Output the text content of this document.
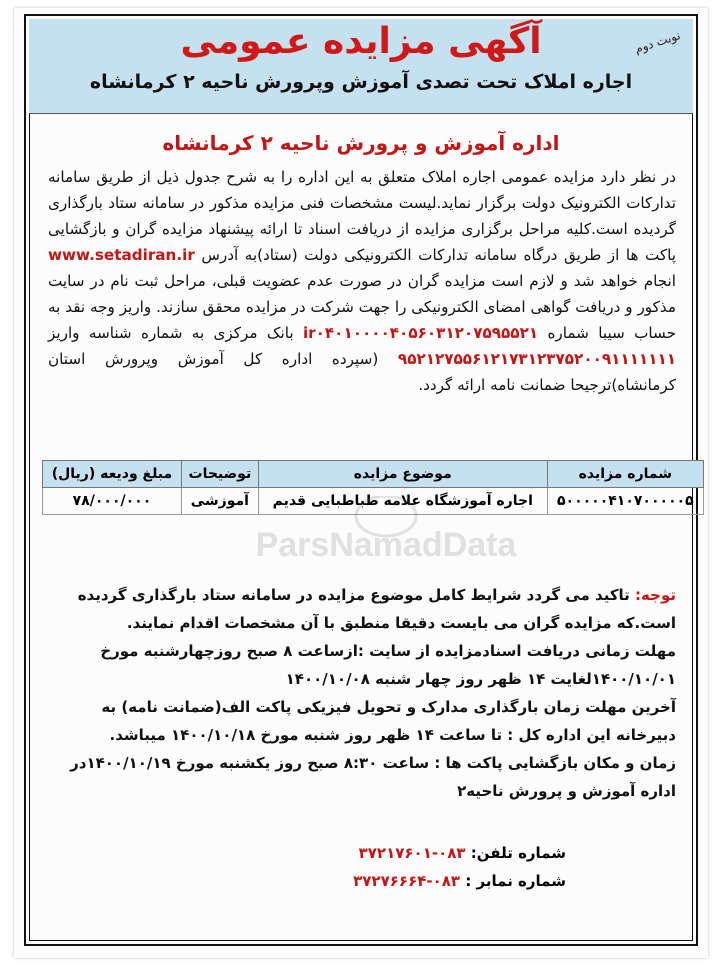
نوبت دوم
آگهی مزایده عمومی
اجاره املاک تحت تصدی آموزش وپرورش ناحیه ۲ کرمانشاه
اداره آموزش و پرورش ناحیه ۲ کرمانشاه
در نظر دارد مزایده عمومی اجاره املاک متعلق به این اداره را به شرح جدول ذیل از طریق سامانه تدارکات الکترونیک دولت برگزار نماید.لیست مشخصات فنی مزایده مذکور در سامانه ستاد بارگذاری گردیده است.کلیه مراحل برگزاری مزایده از دریافت اسناد تا ارائه پیشنهاد مزایده گران و بازگشایی پاکت ها از طریق درگاه سامانه تدارکات الکترونیکی دولت (ستاد)به آدرس www.setadiran.ir انجام خواهد شد و لازم است مزایده گران در صورت عدم عضویت قبلی، مراحل ثبت نام در سایت مذکور و دریافت گواهی امضای الکترونیکی را جهت شرکت در مزایده محقق سازند. واریز وجه نقد به حساب سیبا شماره ir۰۴۰۱۰۰۰۰۴۰۵۶۰۳۱۲۰۷۵۹۵۵۲۱ بانک مرکزی به شماره شناسه واریز ۹۵۲۱۲۷۵۵۶۱۲۱۷۳۱۲۳۷۵۲۰۰۹۱۱۱۱۱۱۱ (سپرده اداره کل آموزش وپرورش استان کرمانشاه)ترجیحا ضمانت نامه ارائه گردد.
شماره مزایده	موضوع مزایده	توضیحات	مبلغ ودیعه (ریال)
۵۰۰۰۰۰۴۱۰۷۰۰۰۰۰۵	اجاره آموزشگاه علامه طباطبایی قدیم	آموزشی	۷۸/۰۰۰/۰۰۰
توجه: تاکید می گردد شرایط کامل موضوع مزایده در سامانه ستاد بارگذاری گردیده است.که مزایده گران می بایست دقیقا منطبق با آن مشخصات اقدام نمایند.
مهلت زمانی دریافت اسنادمزایده از سایت :ازساعت ۸ صبح روزچهارشنبه مورخ ۱۴۰۰/۱۰/۰۱لغایت ۱۴ ظهر روز چهار شنبه ۱۴۰۰/۱۰/۰۸
آخرین مهلت زمان بارگذاری مدارک و تحویل فیزیکی پاکت الف(ضمانت نامه) به دبیرخانه این اداره کل : تا ساعت ۱۴ ظهر روز شنبه مورخ ۱۴۰۰/۱۰/۱۸ میباشد.
زمان و مکان بازگشایی پاکت ها : ساعت ۸:۳۰ صبح روز یکشنبه مورخ ۱۴۰۰/۱۰/۱۹در اداره آموزش و پرورش ناحیه۲
شماره تلفن: ۰۸۳-۳۷۲۱۷۶۰۱
شماره نمابر : ۰۸۳-۳۷۲۷۶۶۶۴
ParsNamadData
